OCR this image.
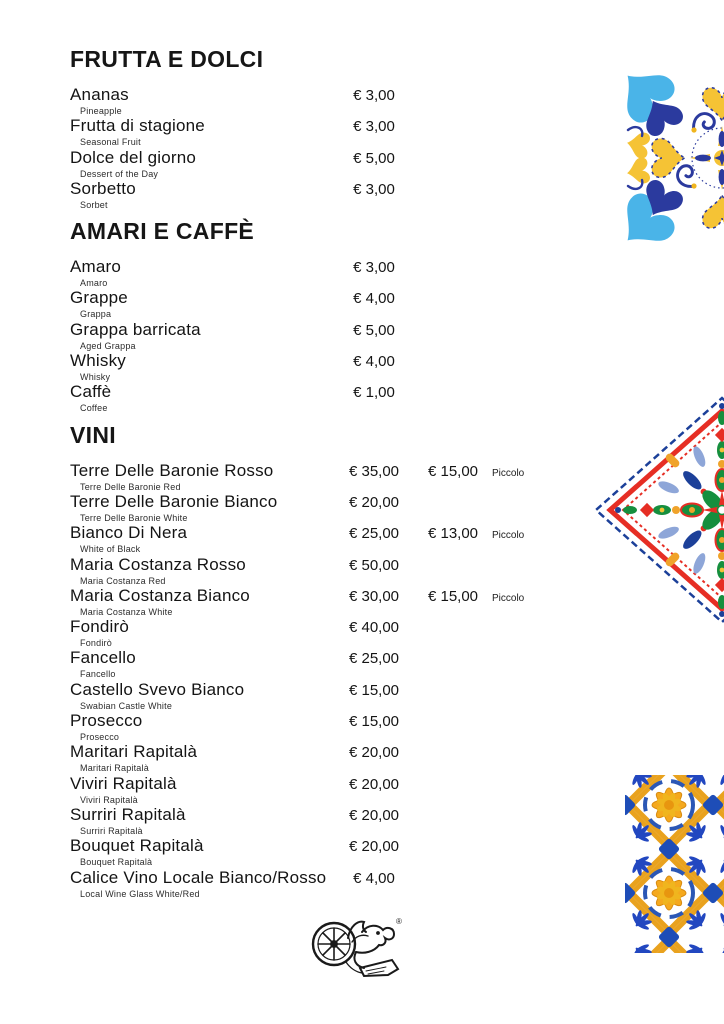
FRUTTA E DOLCI
Ananas
Pineapple
€ 3,00
Frutta di stagione
Seasonal Fruit
€ 3,00
Dolce del giorno
Dessert of the Day
€ 5,00
Sorbetto
Sorbet
€ 3,00
AMARI E CAFFÈ
Amaro
Amaro
€ 3,00
Grappe
Grappa
€ 4,00
Grappa barricata
Aged Grappa
€ 5,00
Whisky
Whisky
€ 4,00
Caffè
Coffee
€ 1,00
VINI
Terre Delle Baronie Rosso
Terre Delle Baronie Red
€ 35,00	€ 15,00	Piccolo
Terre Delle Baronie Bianco
Terre Delle Baronie White
€ 20,00
Bianco Di Nera
White of Black
€ 25,00	€ 13,00	Piccolo
Maria Costanza Rosso
Maria Costanza Red
€ 50,00
Maria Costanza Bianco
Maria Costanza White
€ 30,00	€ 15,00	Piccolo
Fondirò
Fondirò
€ 40,00
Fancello
Fancello
€ 25,00
Castello Svevo Bianco
Swabian Castle White
€ 15,00
Prosecco
Prosecco
€ 15,00
Maritari Rapitalà
Maritari Rapitalà
€ 20,00
Viviri Rapitalà
Viviri Rapitalà
€ 20,00
Surriri Rapitalà
Surriri Rapitalà
€ 20,00
Bouquet Rapitalà
Bouquet Rapitalà
€ 20,00
Calice Vino Locale Bianco/Rosso
Local Wine Glass White/Red
€ 4,00
®
